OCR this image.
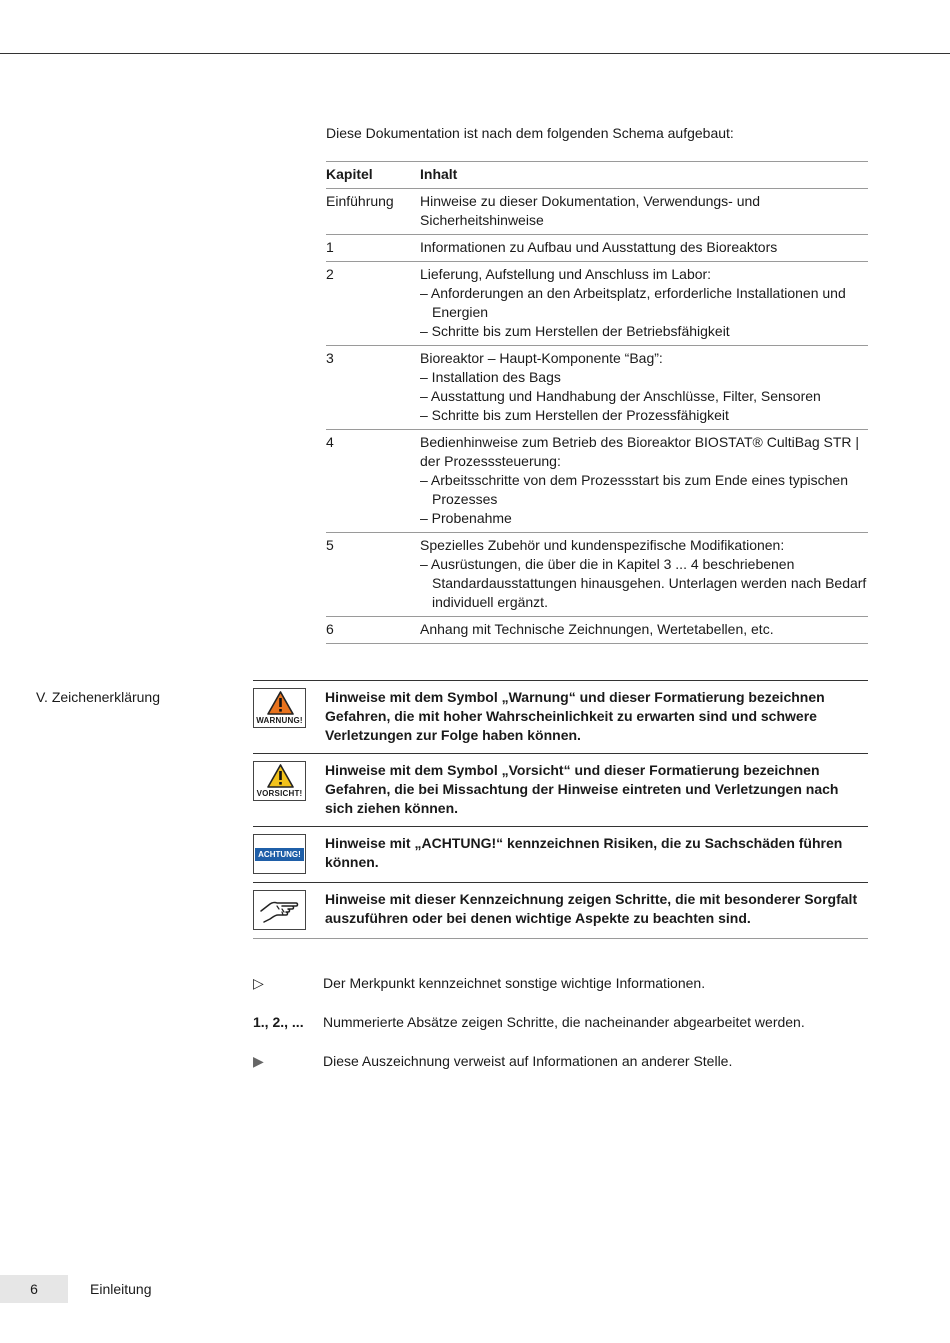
Diese Dokumentation ist nach dem folgenden Schema aufgebaut:
Kapitel	Inhalt
Einführung	Hinweise zu dieser Dokumentation, Verwendungs- und
Sicherheitshinweise
1	Informationen zu Aufbau und Ausstattung des Bioreaktors
2	Lieferung, Aufstellung und Anschluss im Labor:
– Anforderungen an den Arbeitsplatz, erforderliche Installationen und Energien
– Schritte bis zum Herstellen der Betriebsfähigkeit
3	Bioreaktor – Haupt-Komponente “Bag”:
– Installation des Bags
– Ausstattung und Handhabung der Anschlüsse, Filter, Sensoren
– Schritte bis zum Herstellen der Prozessfähigkeit
4	Bedienhinweise zum Betrieb des Bioreaktor BIOSTAT® CultiBag STR |
der Prozesssteuerung:
– Arbeitsschritte von dem Prozessstart bis zum Ende eines typischen Prozesses
– Probenahme
5	Spezielles Zubehör und kundenspezifische Modifikationen:
– Ausrüstungen, die über die in Kapitel 3 ... 4 beschriebenen Standardausstattungen hinausgehen. Unterlagen werden nach Bedarf individuell ergänzt.
6	Anhang mit Technische Zeichnungen, Wertetabellen, etc.
V. Zeichenerklärung
WARNUNG!
Hinweise mit dem Symbol „Warnung“ und dieser Formatierung bezeichnen Gefahren, die mit hoher Wahrscheinlichkeit zu erwarten sind und schwere Verletzungen zur Folge haben können.
VORSICHT!
Hinweise mit dem Symbol „Vorsicht“ und dieser Formatierung bezeichnen Gefahren, die bei Missachtung der Hinweise eintreten und Verletzungen nach sich ziehen können.
ACHTUNG!
Hinweise mit „ACHTUNG!“ kennzeichnen Risiken, die zu Sachschäden führen können.
Hinweise mit dieser Kennzeichnung zeigen Schritte, die mit besonderer Sorgfalt auszuführen oder bei denen wichtige Aspekte zu beachten sind.
▷	Der Merkpunkt kennzeichnet sonstige wichtige Informationen.
1., 2., ...	Nummerierte Absätze zeigen Schritte, die nacheinander abgearbeitet werden.
▶	Diese Auszeichnung verweist auf Informationen an anderer Stelle.
6	Einleitung
